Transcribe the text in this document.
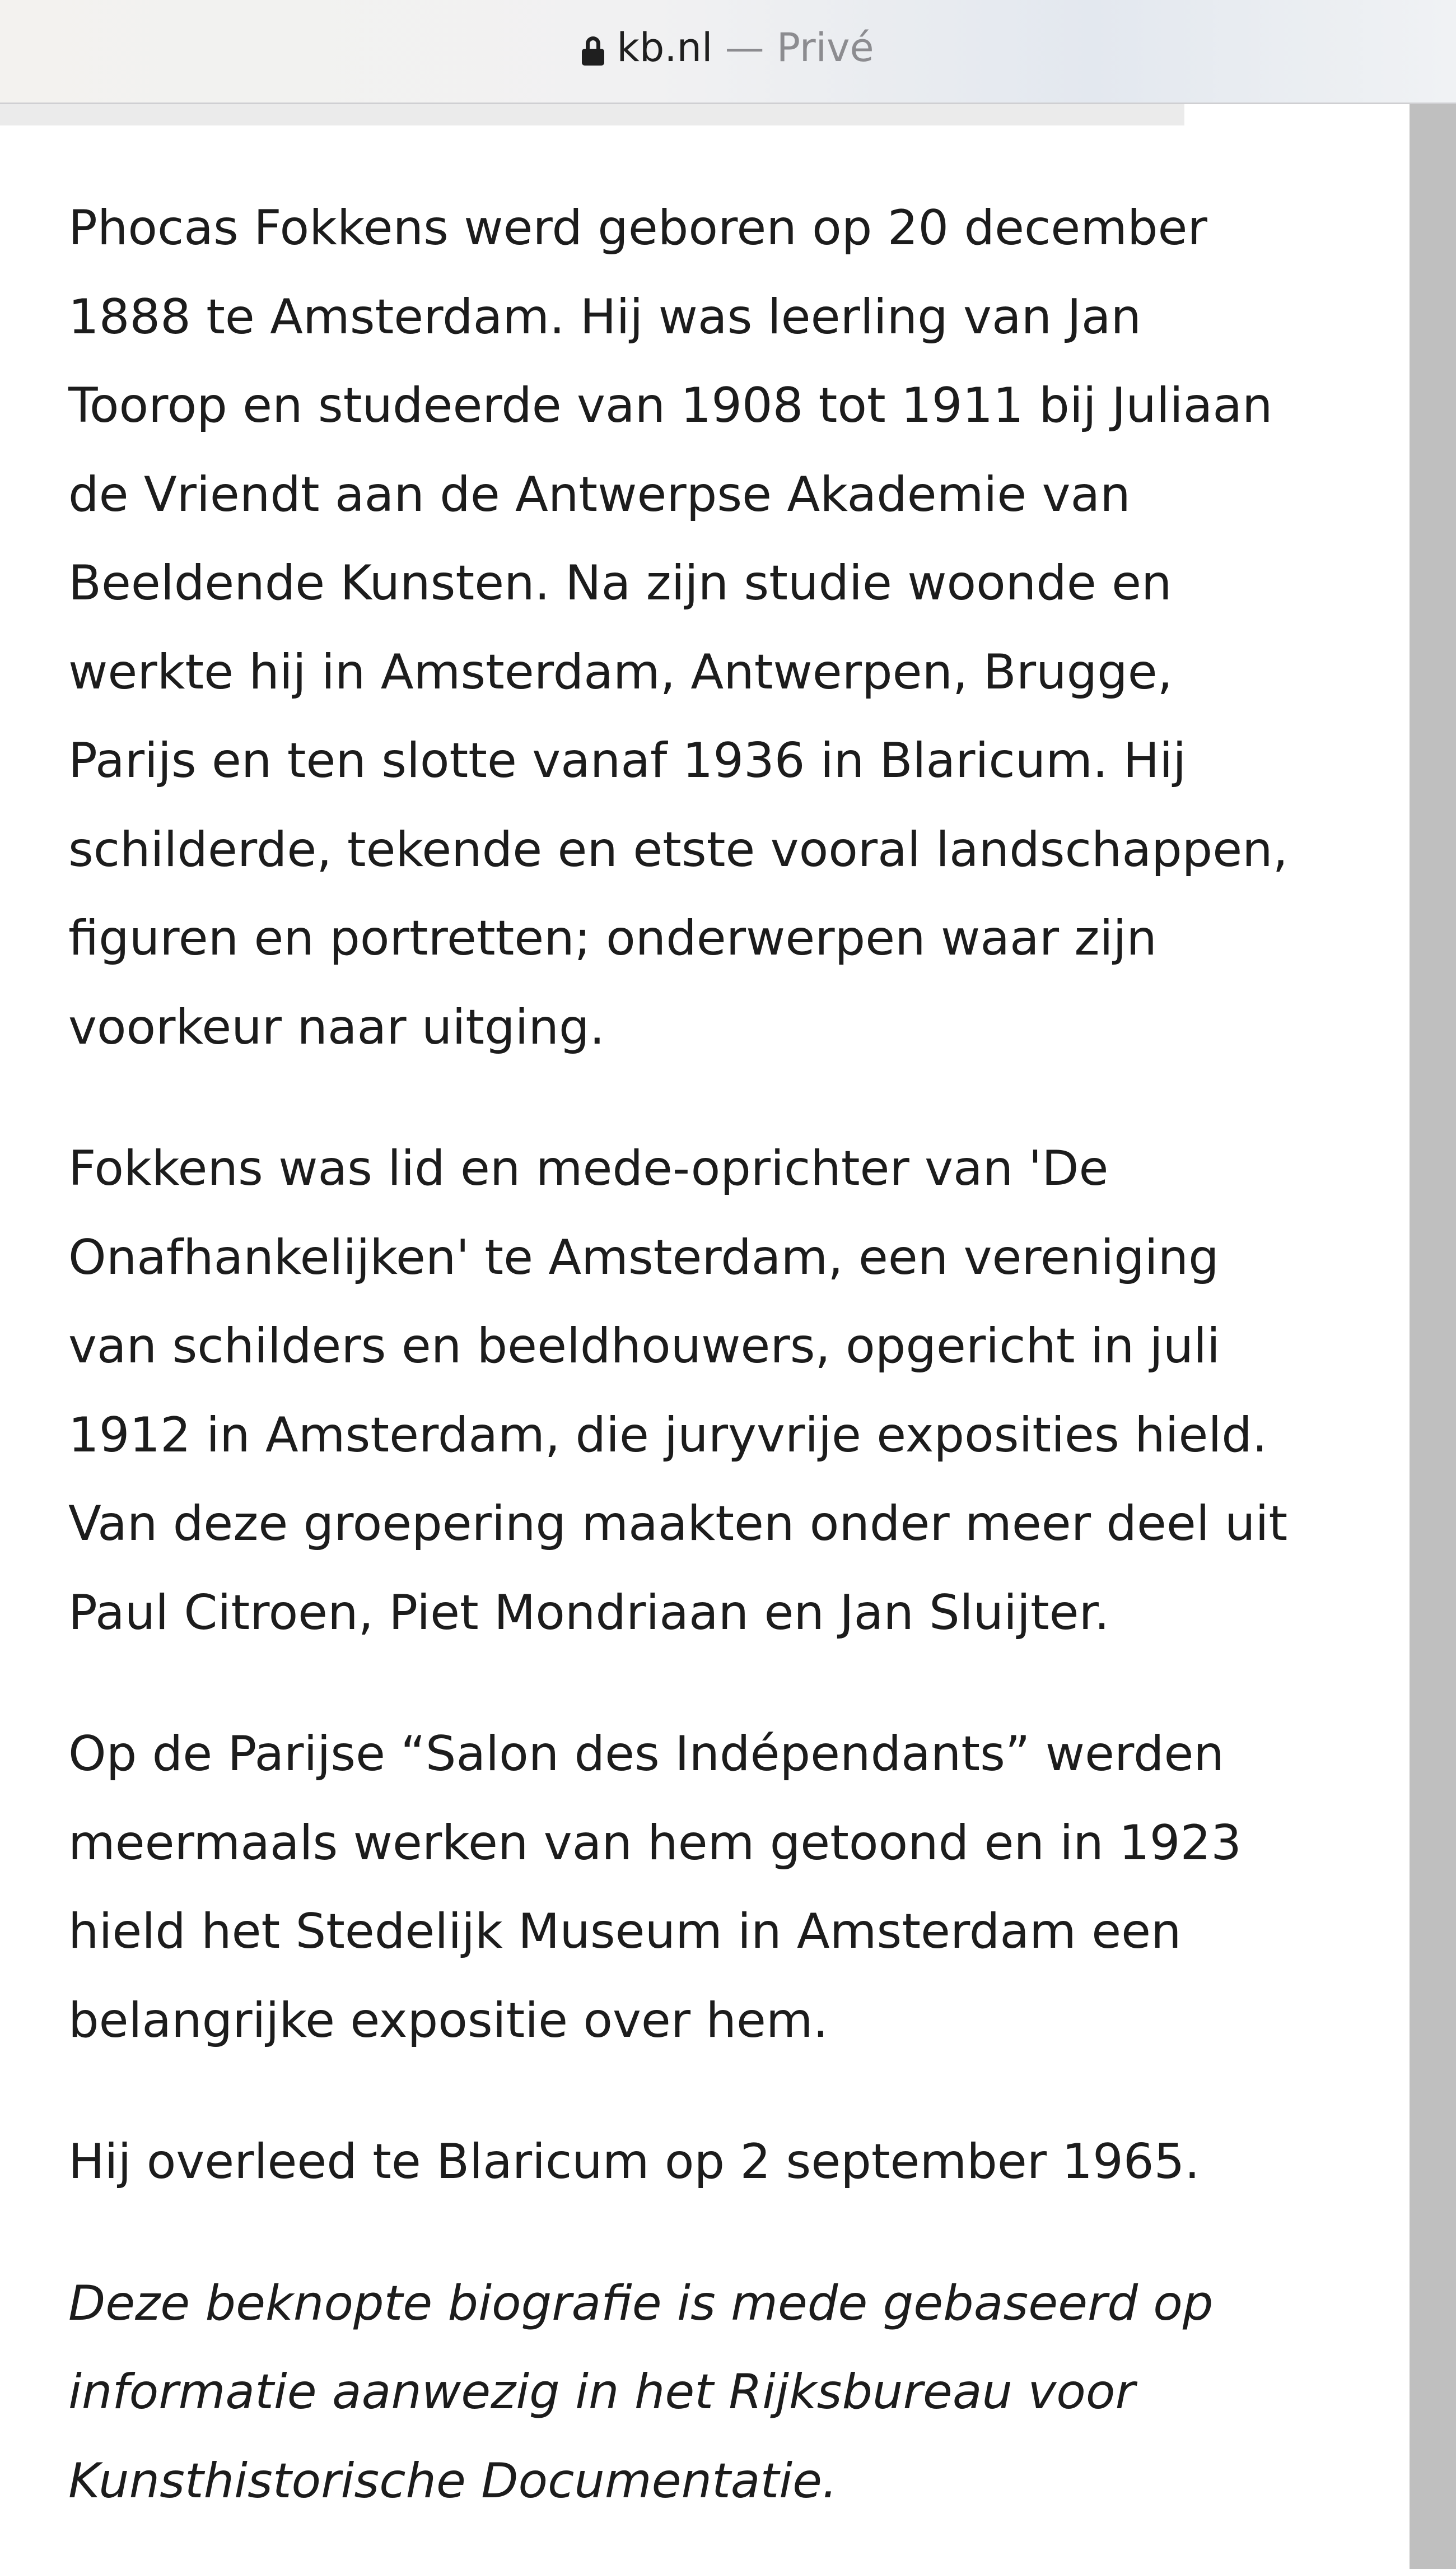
kb.nl — Privé
Phocas Fokkens werd geboren op 20 december
1888 te Amsterdam. Hij was leerling van Jan
Toorop en studeerde van 1908 tot 1911 bij Juliaan
de Vriendt aan de Antwerpse Akademie van
Beeldende Kunsten. Na zijn studie woonde en
werkte hij in Amsterdam, Antwerpen, Brugge,
Parijs en ten slotte vanaf 1936 in Blaricum. Hij
schilderde, tekende en etste vooral landschappen,
figuren en portretten; onderwerpen waar zijn
voorkeur naar uitging.
Fokkens was lid en mede-oprichter van 'De
Onafhankelijken' te Amsterdam, een vereniging
van schilders en beeldhouwers, opgericht in juli
1912 in Amsterdam, die juryvrije exposities hield.
Van deze groepering maakten onder meer deel uit
Paul Citroen, Piet Mondriaan en Jan Sluijter.
Op de Parijse “Salon des Indépendants” werden
meermaals werken van hem getoond en in 1923
hield het Stedelijk Museum in Amsterdam een
belangrijke expositie over hem.
Hij overleed te Blaricum op 2 september 1965.
Deze beknopte biografie is mede gebaseerd op
informatie aanwezig in het Rijksbureau voor
Kunsthistorische Documentatie.
